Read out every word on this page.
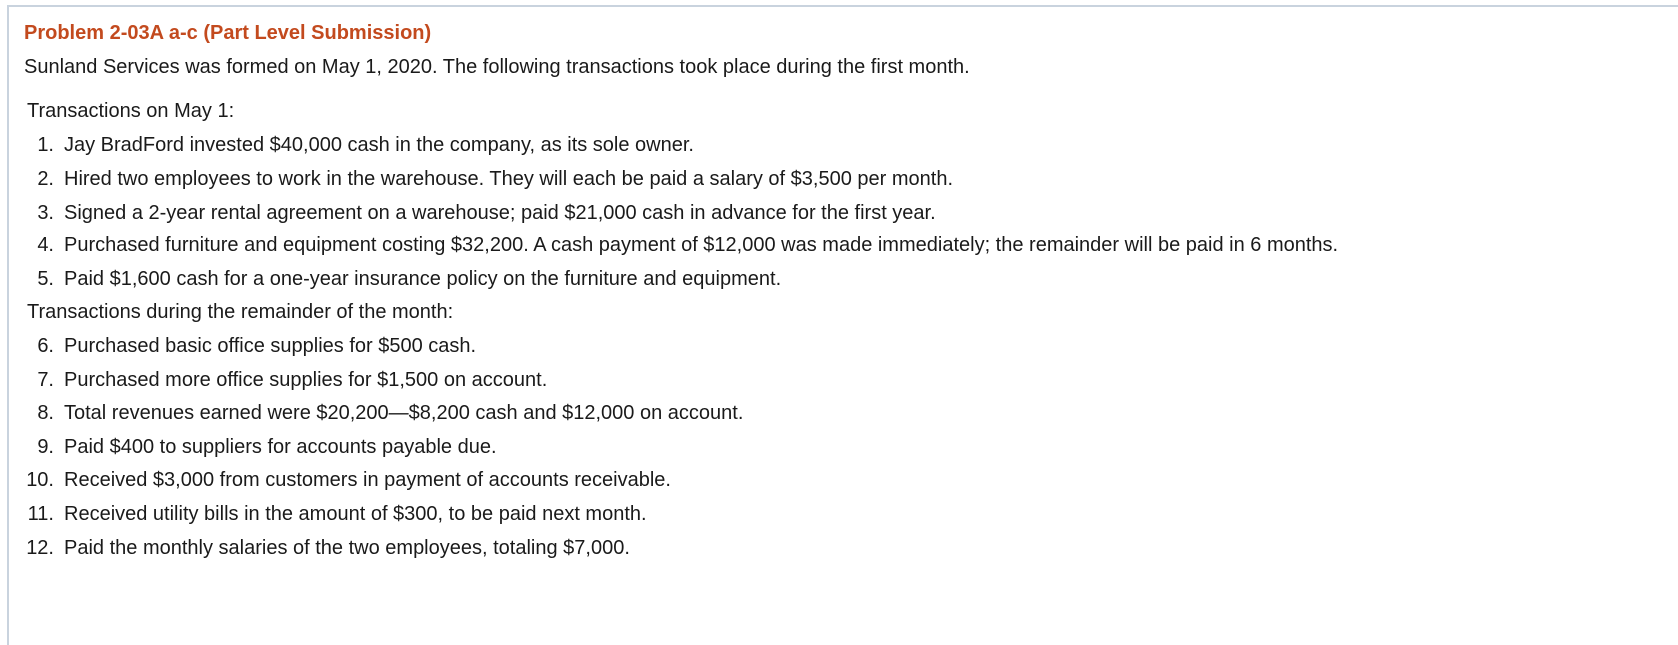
Problem 2-03A a-c (Part Level Submission)
Sunland Services was formed on May 1, 2020. The following transactions took place during the first month.
Transactions on May 1:
1. Jay BradFord invested $40,000 cash in the company, as its sole owner.
2. Hired two employees to work in the warehouse. They will each be paid a salary of $3,500 per month.
3. Signed a 2-year rental agreement on a warehouse; paid $21,000 cash in advance for the first year.
4. Purchased furniture and equipment costing $32,200. A cash payment of $12,000 was made immediately; the remainder will be paid in 6 months.
5. Paid $1,600 cash for a one-year insurance policy on the furniture and equipment.
Transactions during the remainder of the month:
6. Purchased basic office supplies for $500 cash.
7. Purchased more office supplies for $1,500 on account.
8. Total revenues earned were $20,200—$8,200 cash and $12,000 on account.
9. Paid $400 to suppliers for accounts payable due.
10. Received $3,000 from customers in payment of accounts receivable.
11. Received utility bills in the amount of $300, to be paid next month.
12. Paid the monthly salaries of the two employees, totaling $7,000.
